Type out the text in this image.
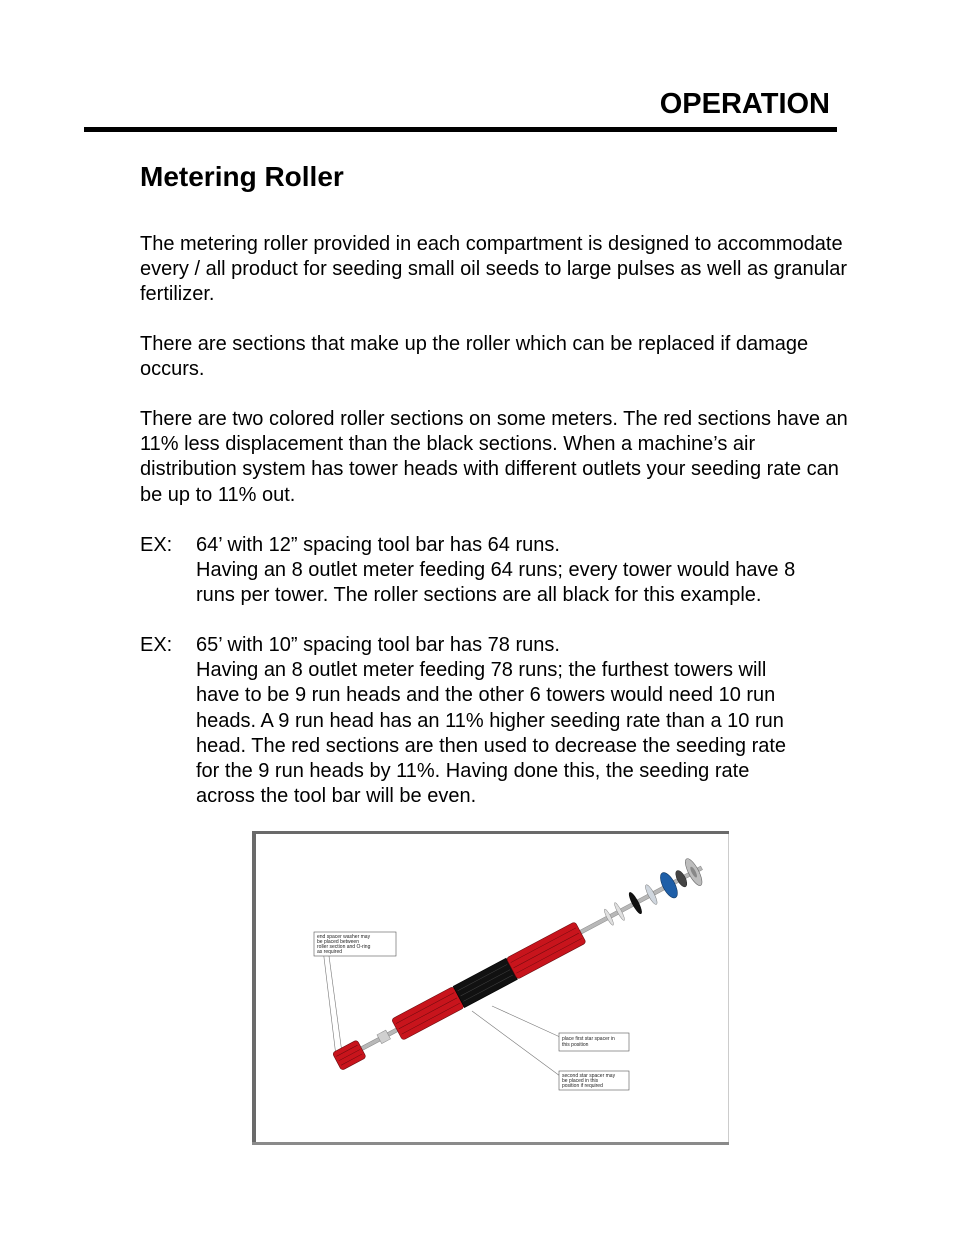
OPERATION
Metering Roller

The metering roller provided in each compartment is designed to accommodate every / all product for seeding small oil seeds to large pulses as well as granular fertilizer.

There are sections that make up the roller which can be replaced if damage occurs.

There are two colored roller sections on some meters. The red sections have an 11% less displacement than the black sections. When a machine’s air distribution system has tower heads with different outlets your seeding rate can be up to 11% out.

EX: 64’ with 12” spacing tool bar has 64 runs.
Having an 8 outlet meter feeding 64 runs; every tower would have 8
runs per tower. The roller sections are all black for this example.
EX: 65’ with 10” spacing tool bar has 78 runs.
Having an 8 outlet meter feeding 78 runs; the furthest towers will
have to be 9 run heads and the other 6 towers would need 10 run
heads. A 9 run head has an 11% higher seeding rate than a 10 run
head. The red sections are then used to decrease the seeding rate
for the 9 run heads by 11%. Having done this, the seeding rate
across the tool bar will be even.
end spacer washer may
be placed between
roller section and O-ring
as required
place first star spacer in
this position
second star spacer may
be placed in this
position if required
